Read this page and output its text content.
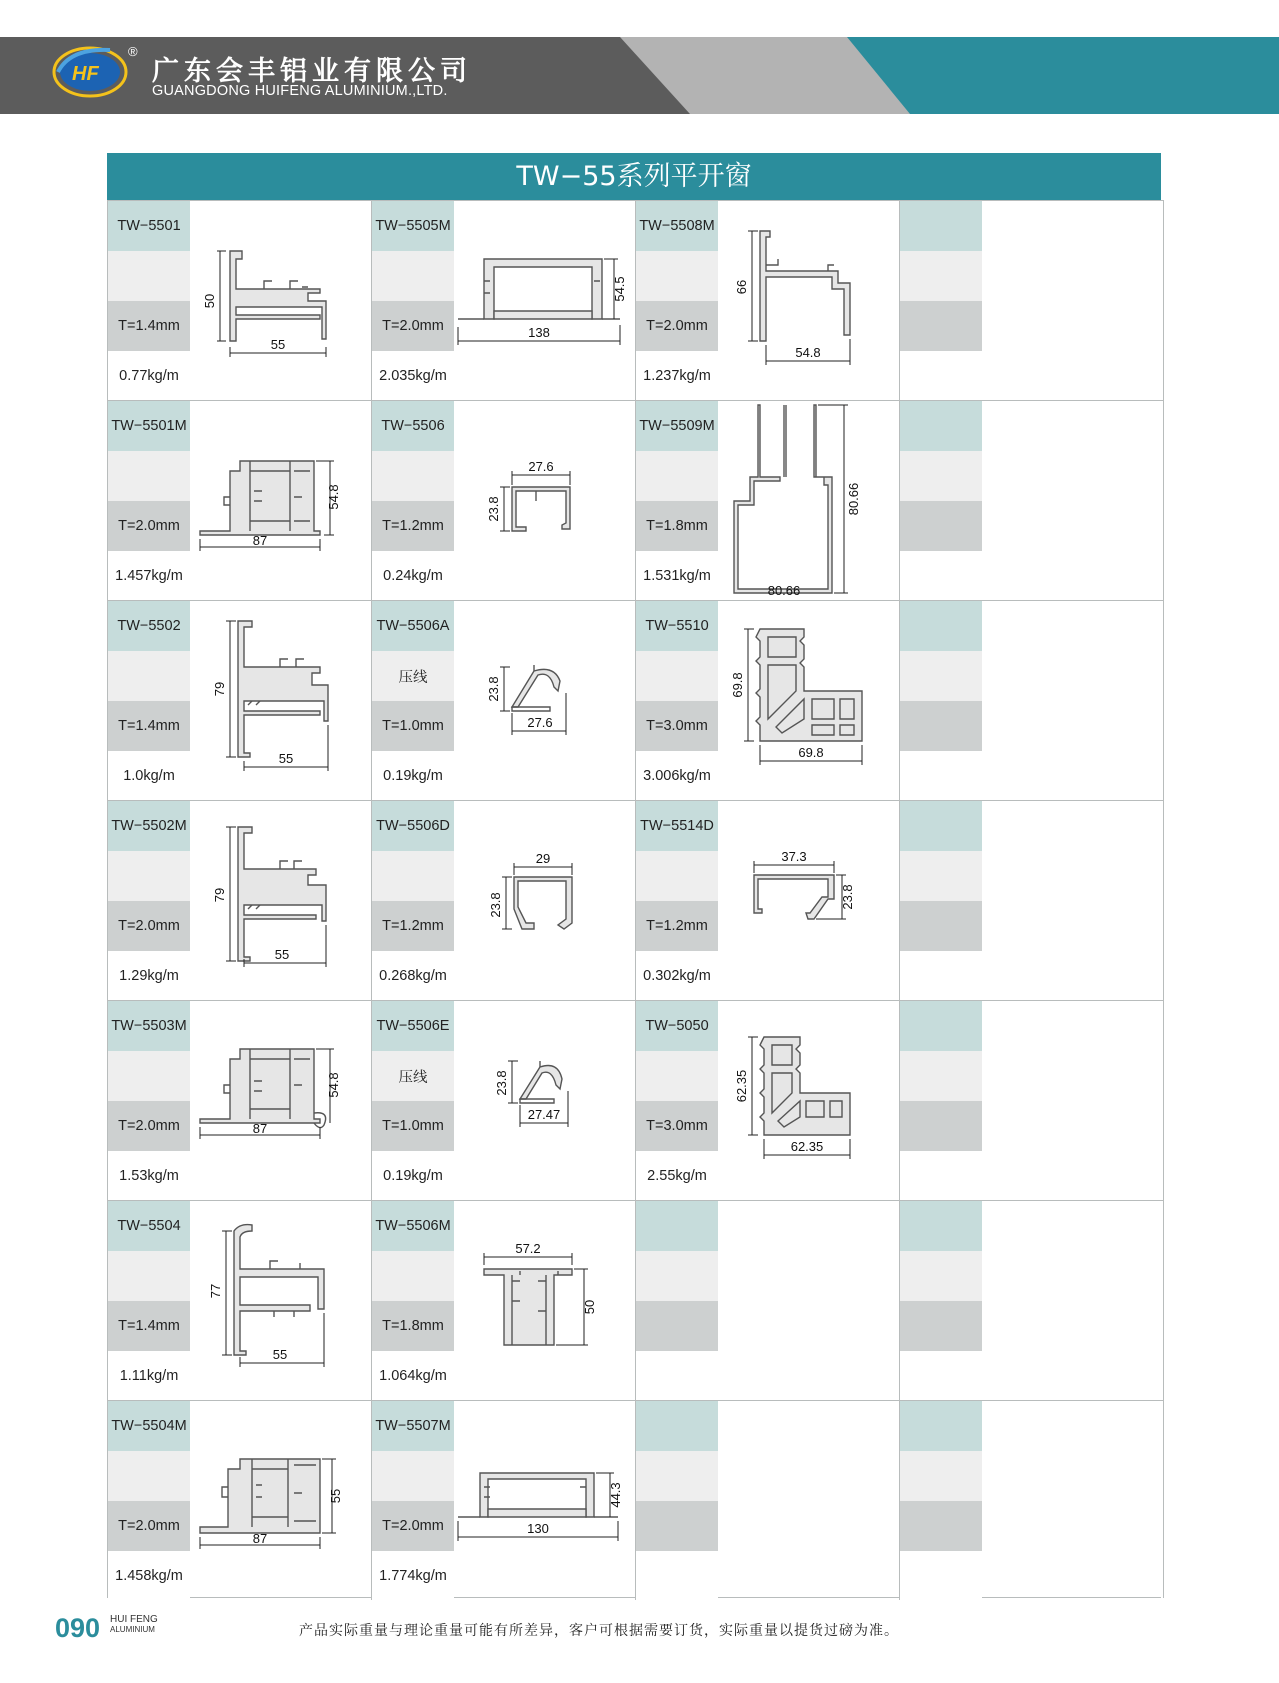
HF
®
广东会丰铝业有限公司
GUANGDONG HUIFENG ALUMINIUM.,LTD.
TW−55系列平开窗
TW−5501
T=1.4mm
0.77kg/m
50
55
TW−5501M
T=2.0mm
1.457kg/m
54.8
87
TW−5502
T=1.4mm
1.0kg/m
79
55
TW−5502M
T=2.0mm
1.29kg/m
79
55
TW−5503M
T=2.0mm
1.53kg/m
54.8
87
TW−5504
T=1.4mm
1.11kg/m
77
55
TW−5504M
T=2.0mm
1.458kg/m
55
87
TW−5505M
T=2.0mm
2.035kg/m
54.5
138
TW−5506
T=1.2mm
0.24kg/m
27.6
23.8
TW−5506A
压线
T=1.0mm
0.19kg/m
23.8
27.6
TW−5506D
T=1.2mm
0.268kg/m
29
23.8
TW−5506E
压线
T=1.0mm
0.19kg/m
23.8
27.47
TW−5506M
T=1.8mm
1.064kg/m
57.2
50
TW−5507M
T=2.0mm
1.774kg/m
44.3
130
TW−5508M
T=2.0mm
1.237kg/m
66
54.8
TW−5509M
T=1.8mm
1.531kg/m
80.66
80.66
TW−5510
T=3.0mm
3.006kg/m
69.8
69.8
TW−5514D
T=1.2mm
0.302kg/m
37.3
23.8
TW−5050
T=3.0mm
2.55kg/m
62.35
62.35
090 HUI FENG
ALUMINIUM	产品实际重量与理论重量可能有所差异，客户可根据需要订货，实际重量以提货过磅为准。
